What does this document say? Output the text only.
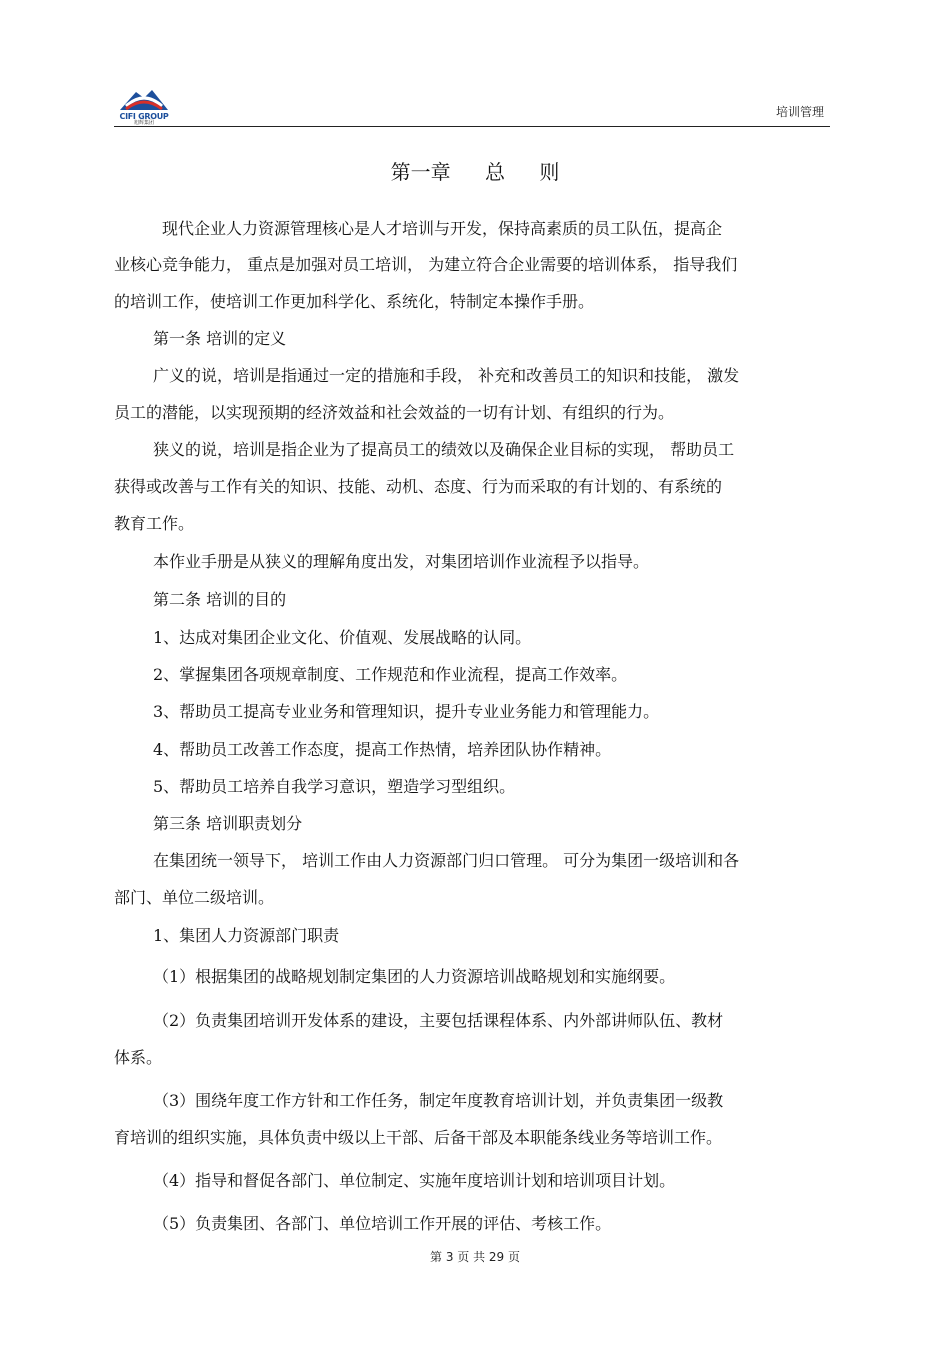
CIFI GROUP
旭辉集团
培训管理
第一章 总 则
现代企业人力资源管理核心是人才培训与开发，保持高素质的员工队伍，提高企
业核心竞争能力， 重点是加强对员工培训， 为建立符合企业需要的培训体系， 指导我们
的培训工作，使培训工作更加科学化、系统化，特制定本操作手册。
第一条 培训的定义
广义的说，培训是指通过一定的措施和手段， 补充和改善员工的知识和技能， 激发
员工的潜能，以实现预期的经济效益和社会效益的一切有计划、有组织的行为。
狭义的说，培训是指企业为了提高员工的绩效以及确保企业目标的实现， 帮助员工
获得或改善与工作有关的知识、技能、动机、态度、行为而采取的有计划的、有系统的
教育工作。
本作业手册是从狭义的理解角度出发，对集团培训作业流程予以指导。
第二条 培训的目的
1、达成对集团企业文化、价值观、发展战略的认同。
2、掌握集团各项规章制度、工作规范和作业流程，提高工作效率。
3、帮助员工提高专业业务和管理知识，提升专业业务能力和管理能力。
4、帮助员工改善工作态度，提高工作热情，培养团队协作精神。
5、帮助员工培养自我学习意识，塑造学习型组织。
第三条 培训职责划分
在集团统一领导下， 培训工作由人力资源部门归口管理。 可分为集团一级培训和各
部门、单位二级培训。
1、集团人力资源部门职责
（1）根据集团的战略规划制定集团的人力资源培训战略规划和实施纲要。
（2）负责集团培训开发体系的建设，主要包括课程体系、内外部讲师队伍、教材
体系。
（3）围绕年度工作方针和工作任务，制定年度教育培训计划，并负责集团一级教
育培训的组织实施，具体负责中级以上干部、后备干部及本职能条线业务等培训工作。
（4）指导和督促各部门、单位制定、实施年度培训计划和培训项目计划。
（5）负责集团、各部门、单位培训工作开展的评估、考核工作。
第 3 页 共 29 页
